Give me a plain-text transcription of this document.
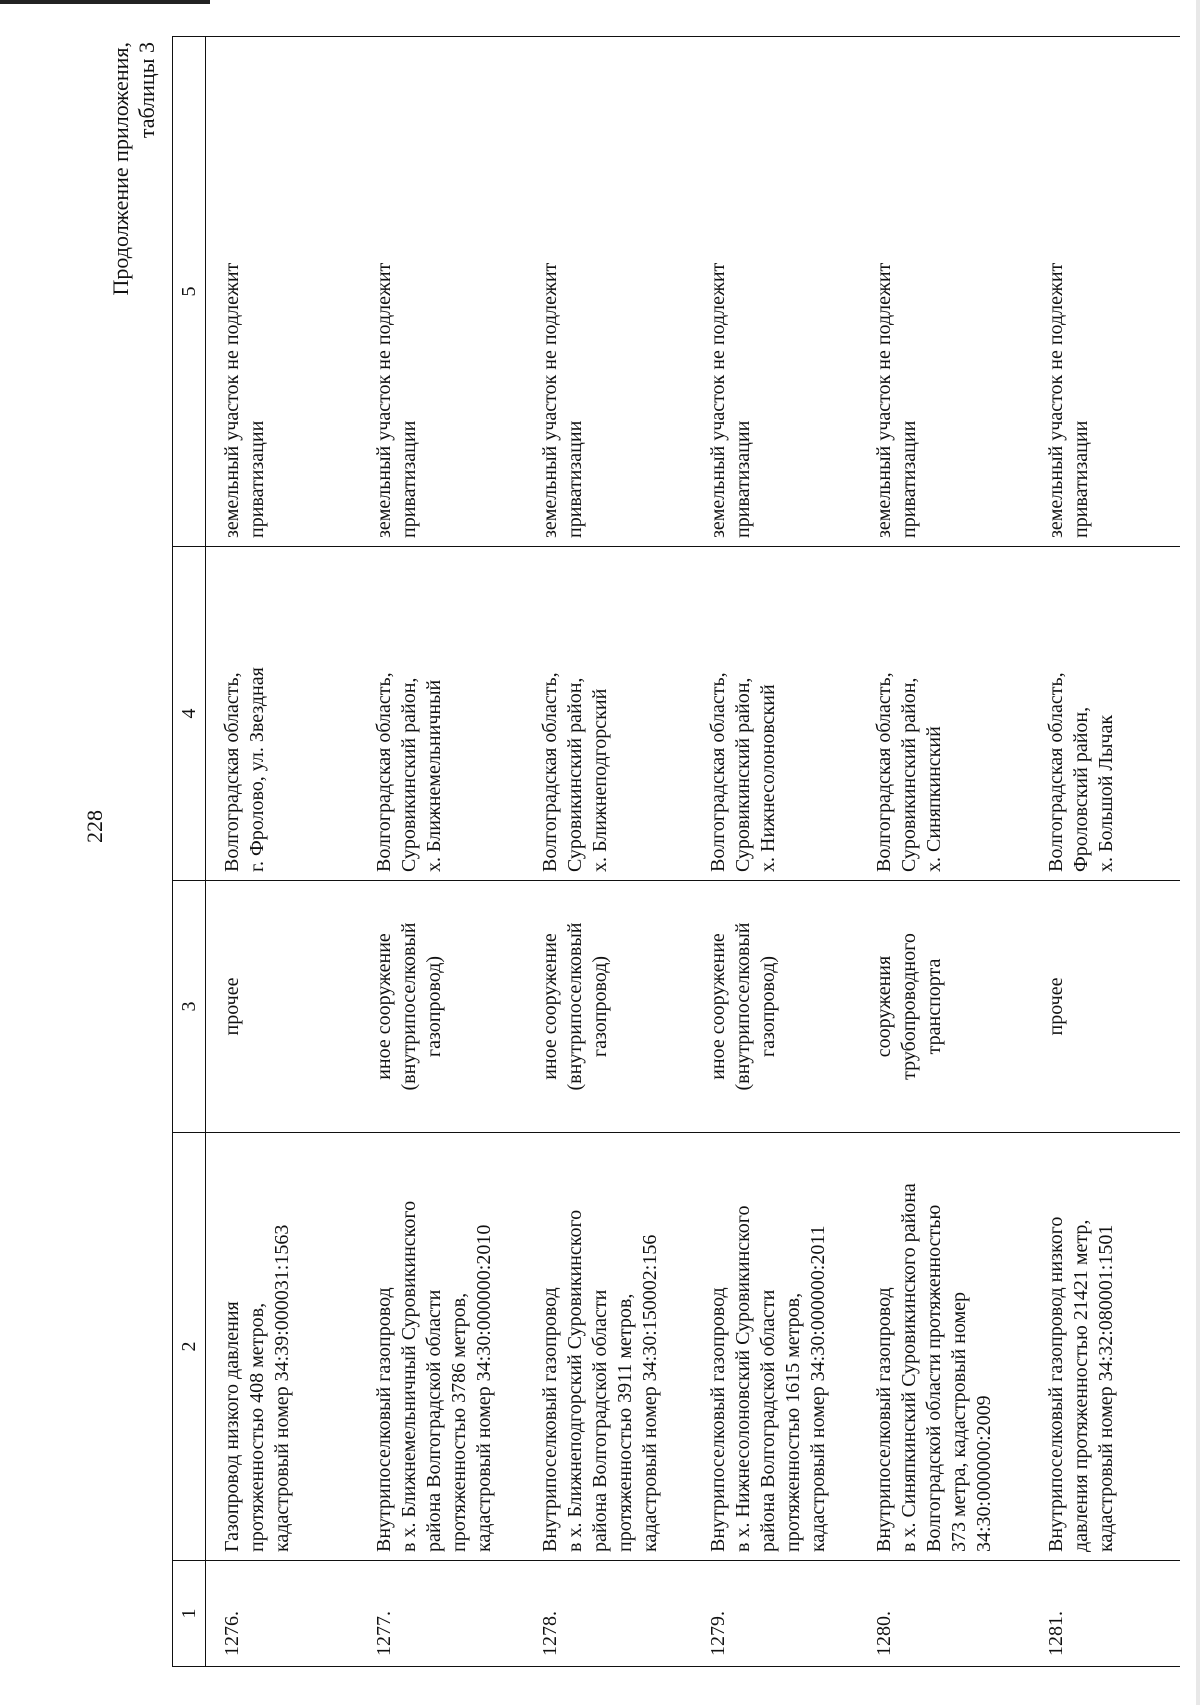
228
Продолжение приложения, таблицы 3
1	2	3	4	5
1276.	Газопровод низкого давления протяженностью 408 метров, кадастровый номер 34:39:000031:1563	прочее	Волгоградская область, г. Фролово, ул. Звездная	земельный участок не подлежит приватизации

1277.	Внутрипоселковый газопровод в х. Ближнемельничный Суровикинского района Волгоградской области протяженностью 3786 метров, кадастровый номер 34:30:000000:2010	иное сооружение (внутрипоселковый газопровод)	Волгоградская область, Суровикинский район, х. Ближнемельничный	земельный участок не подлежит приватизации

1278.	Внутрипоселковый газопровод в х. Ближнеподгорский Суровикинского района Волгоградской области протяженностью 3911 метров, кадастровый номер 34:30:150002:156	иное сооружение (внутрипоселковый газопровод)	Волгоградская область, Суровикинский район, х. Ближнеподгорский	земельный участок не подлежит приватизации

1279.	Внутрипоселковый газопровод в х. Нижнесолоновский Суровикинского района Волгоградской области протяженностью 1615 метров, кадастровый номер 34:30:000000:2011	иное сооружение (внутрипоселковый газопровод)	Волгоградская область, Суровикинский район, х. Нижнесолоновский	земельный участок не подлежит приватизации

1280.	Внутрипоселковый газопровод в х. Синяпкинский Суровикинского района Волгоградской области протяженностью 373 метра, кадастровый номер 34:30:000000:2009	сооружения трубопроводного транспорта	Волгоградская область, Суровикинский район, х. Синяпкинский	земельный участок не подлежит приватизации

1281.	Внутрипоселковый газопровод низкого давления протяженностью 21421 метр, кадастровый номер 34:32:080001:1501	прочее	Волгоградская область, Фроловский район, х. Большой Лычак	земельный участок не подлежит приватизации
